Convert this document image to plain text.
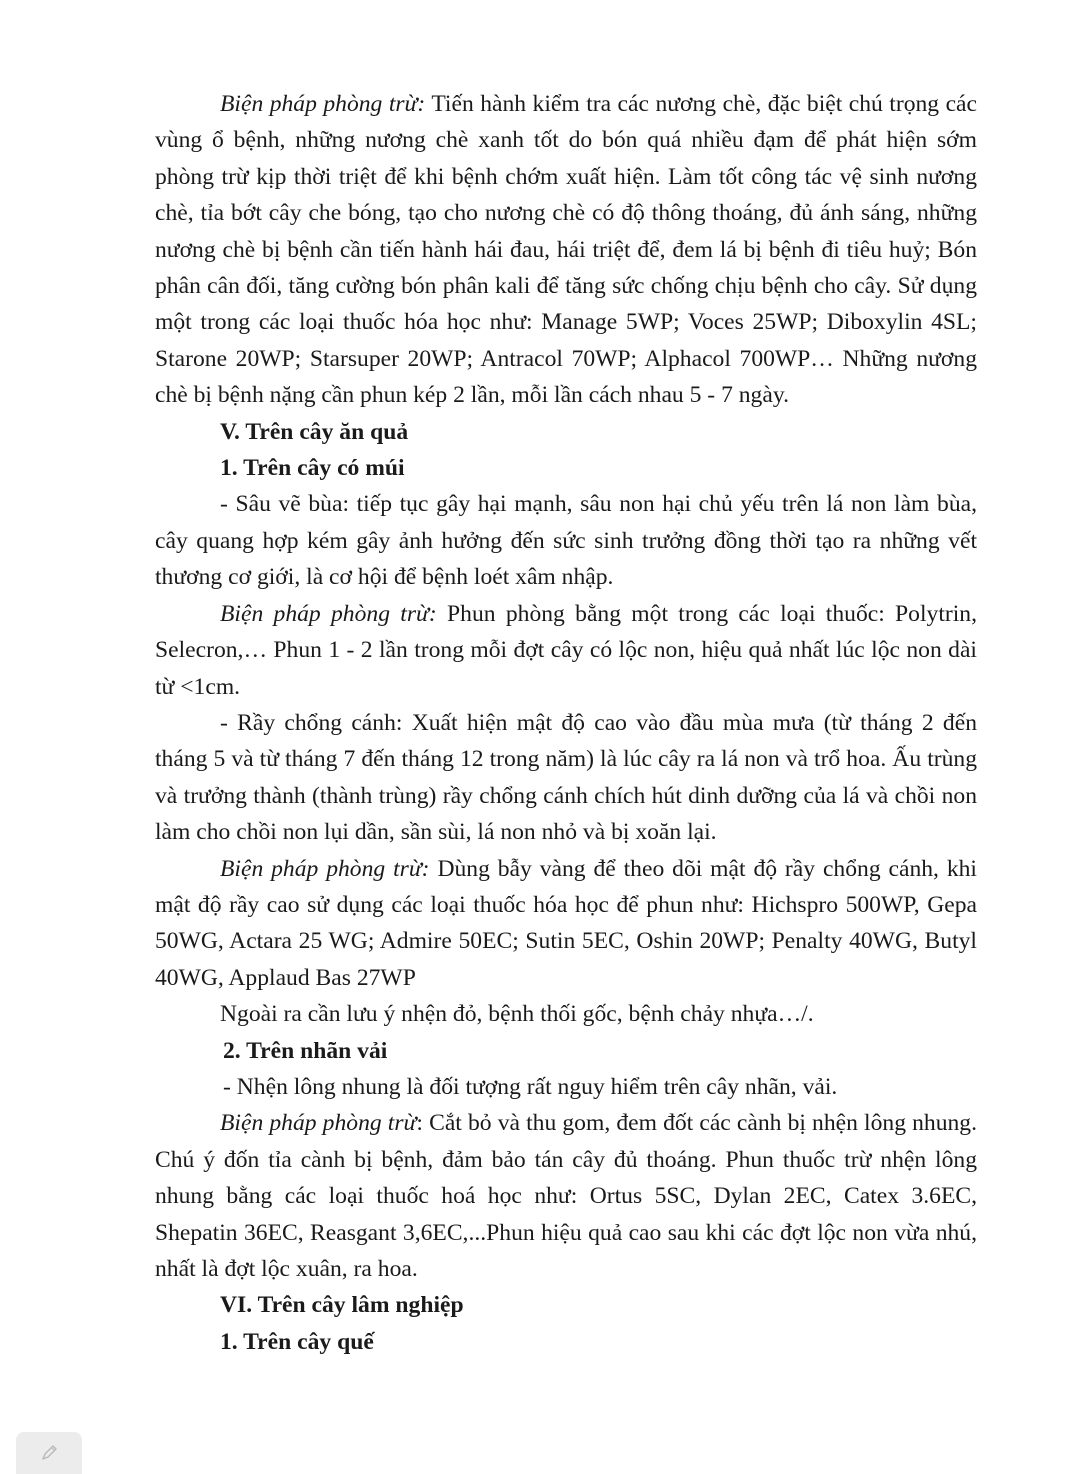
Biện pháp phòng trừ: Tiến hành kiểm tra các nương chè, đặc biệt chú trọng các vùng ổ bệnh, những nương chè xanh tốt do bón quá nhiều đạm để phát hiện sớm phòng trừ kịp thời triệt để khi bệnh chớm xuất hiện. Làm tốt công tác vệ sinh nương chè, tỉa bớt cây che bóng, tạo cho nương chè có độ thông thoáng, đủ ánh sáng, những nương chè bị bệnh cần tiến hành hái đau, hái triệt để, đem lá bị bệnh đi tiêu huỷ; Bón phân cân đối, tăng cường bón phân kali để tăng sức chống chịu bệnh cho cây. Sử dụng một trong các loại thuốc hóa học như: Manage 5WP; Voces 25WP; Diboxylin 4SL; Starone 20WP; Starsuper 20WP; Antracol 70WP; Alphacol 700WP… Những nương chè bị bệnh nặng cần phun kép 2 lần, mỗi lần cách nhau 5 - 7 ngày.

V. Trên cây ăn quả

1. Trên cây có múi

- Sâu vẽ bùa: tiếp tục gây hại mạnh, sâu non hại chủ yếu trên lá non làm bùa, cây quang hợp kém gây ảnh hưởng đến sức sinh trưởng đồng thời tạo ra những vết thương cơ giới, là cơ hội để bệnh loét xâm nhập.

Biện pháp phòng trừ: Phun phòng bằng một trong các loại thuốc: Polytrin, Selecron,… Phun 1 - 2 lần trong mỗi đợt cây có lộc non, hiệu quả nhất lúc lộc non dài từ <1cm.

- Rầy chổng cánh: Xuất hiện mật độ cao vào đầu mùa mưa (từ tháng 2 đến tháng 5 và từ tháng 7 đến tháng 12 trong năm) là lúc cây ra lá non và trổ hoa. Ấu trùng và trưởng thành (thành trùng) rầy chổng cánh chích hút dinh dưỡng của lá và chồi non làm cho chồi non lụi dần, sần sùi, lá non nhỏ và bị xoăn lại.

Biện pháp phòng trừ: Dùng bẫy vàng để theo dõi mật độ rầy chổng cánh, khi mật độ rầy cao sử dụng các loại thuốc hóa học để phun như: Hichspro 500WP, Gepa 50WG, Actara 25 WG; Admire 50EC; Sutin 5EC, Oshin 20WP; Penalty 40WG, Butyl 40WG, Applaud Bas 27WP

Ngoài ra cần lưu ý nhện đỏ, bệnh thối gốc, bệnh chảy nhựa…/.

2. Trên nhãn vải

- Nhện lông nhung là đối tượng rất nguy hiểm trên cây nhãn, vải.

Biện pháp phòng trừ: Cắt bỏ và thu gom, đem đốt các cành bị nhện lông nhung. Chú ý đốn tỉa cành bị bệnh, đảm bảo tán cây đủ thoáng. Phun thuốc trừ nhện lông nhung bằng các loại thuốc hoá học như: Ortus 5SC, Dylan 2EC, Catex 3.6EC, Shepatin 36EC, Reasgant 3,6EC,...Phun hiệu quả cao sau khi các đợt lộc non vừa nhú, nhất là đợt lộc xuân, ra hoa.

VI. Trên cây lâm nghiệp

1. Trên cây quế
